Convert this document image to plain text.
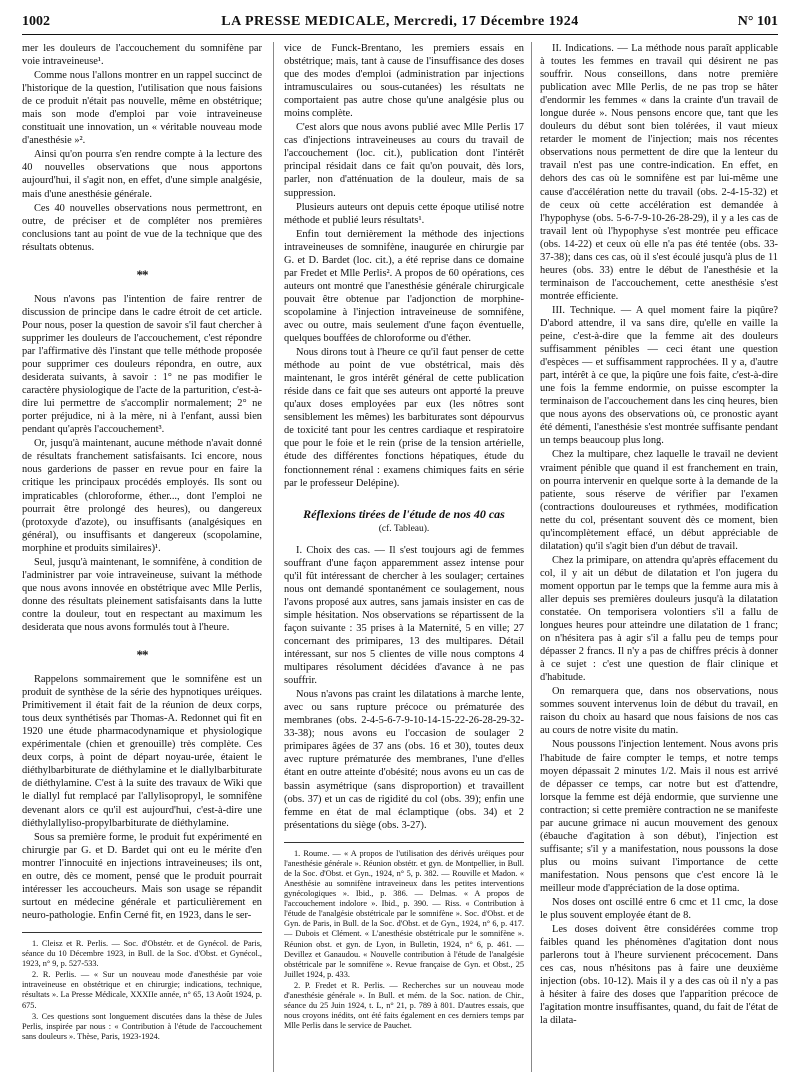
1002	LA PRESSE MEDICALE, Mercredi, 17 Décembre 1924	N° 101

mer les douleurs de l'accouchement du somnifène par voie intraveineuse¹.

Comme nous l'allons montrer en un rappel succinct de l'historique de la question, l'utilisation que nous faisions de ce produit n'était pas nouvelle, même en obstétrique; mais son mode d'emploi par voie intraveineuse constituait une innovation, un « véritable nouveau mode d'anesthésie »².

Ainsi qu'on pourra s'en rendre compte à la lecture des 40 nouvelles observations que nous apportons aujourd'hui, il s'agit non, en effet, d'une simple analgésie, mais d'une anesthésie générale.

Ces 40 nouvelles observations nous permettront, en outre, de préciser et de compléter nos premières conclusions tant au point de vue de la technique que des résultats obtenus.

**

Nous n'avons pas l'intention de faire rentrer de discussion de principe dans le cadre étroit de cet article. Pour nous, poser la question de savoir s'il faut chercher à supprimer les douleurs de l'accouchement, c'est répondre par l'affirmative dès l'instant que telle méthode proposée pour supprimer ces douleurs répondra, en outre, aux desiderata suivants, à savoir : 1° ne pas modifier le caractère physiologique de l'acte de la parturition, c'est-à-dire lui permettre de s'accomplir normalement; 2° ne porter préjudice, ni à la mère, ni à l'enfant, aussi bien pendant qu'après l'accouchement³.

Or, jusqu'à maintenant, aucune méthode n'avait donné de résultats franchement satisfaisants. Ici encore, nous nous garderions de passer en revue pour en faire la critique les principaux procédés employés. Ils sont ou impraticables (chloroforme, éther..., dont l'emploi ne pourrait être prolongé des heures), ou dangereux (protoxyde d'azote), ou insuffisants (analgésiques en général), ou insuffisants et dangereux (scopolamine, morphine et produits similaires)¹.

Seul, jusqu'à maintenant, le somnifène, à condition de l'administrer par voie intraveineuse, suivant la méthode que nous avons innovée en obstétrique avec Mlle Perlis, donne des résultats pleinement satisfaisants dans la lutte contre la douleur, tout en respectant au maximum les desiderata que nous avons formulés tout à l'heure.

**

Rappelons sommairement que le somnifène est un produit de synthèse de la série des hypnotiques uréiques. Primitivement il était fait de la réunion de deux corps, tous deux synthétisés par Thomas-A. Redonnet qui fit en 1920 une étude pharmacodynamique et physiologique expérimentale (chien et grenouille) très complète. Ces deux corps, à point de départ noyau-urée, étaient le diéthylbarbiturate de diéthylamine et le diallylbarbiturate de diéthylamine. C'est à la suite des travaux de Wiki que le diallyl fut remplacé par l'allylisopropyl, le somnifène devenant alors ce qu'il est aujourd'hui, c'est-à-dire une diéthylallyliso-propylbarbiturate de diéthylamine.

Sous sa première forme, le produit fut expérimenté en chirurgie par G. et D. Bardet qui ont eu le mérite d'en montrer l'innocuité en injections intraveineuses; ils ont, en outre, dès ce moment, pensé que le produit pourrait intéresser les accoucheurs. Mais son usage se répandit surtout en médecine générale et particulièrement en neuro-pathologie. Enfin Cerné fit, en 1923, dans le ser-

1. Cleisz et R. Perlis. — Soc. d'Obstétr. et de Gynécol. de Paris, séance du 10 Décembre 1923, in Bull. de la Soc. d'Obst. et Gynécol., 1923, n° 9, p. 527-533.

2. R. Perlis. — « Sur un nouveau mode d'anesthésie par voie intraveineuse en obstétrique et en chirurgie; indications, technique, résultats ». La Presse Médicale, XXXIIe année, n° 65, 13 Août 1924, p. 675.

3. Ces questions sont longuement discutées dans la thèse de Jules Perlis, inspirée par nous : « Contribution à l'étude de l'accouchement sans douleurs ». Thèse, Paris, 1923-1924.

vice de Funck-Brentano, les premiers essais en obstétrique; mais, tant à cause de l'insuffisance des doses que des modes d'emploi (administration par injections intramusculaires ou sous-cutanées) les résultats ne comportaient pas autre chose qu'une analgésie plus ou moins complète.

C'est alors que nous avons publié avec Mlle Perlis 17 cas d'injections intraveineuses au cours du travail de l'accouchement (loc. cit.), publication dont l'intérêt principal résidait dans ce fait qu'on pouvait, dès lors, parler, non d'atténuation de la douleur, mais de sa suppression.

Plusieurs auteurs ont depuis cette époque utilisé notre méthode et publié leurs résultats¹.

Enfin tout dernièrement la méthode des injections intraveineuses de somnifène, inaugurée en chirurgie par G. et D. Bardet (loc. cit.), a été reprise dans ce domaine par Fredet et Mlle Perlis². A propos de 60 opérations, ces auteurs ont montré que l'anesthésie générale chirurgicale pouvait être obtenue par l'adjonction de morphine-scopolamine à l'injection intraveineuse de somnifène, avec ou outre, mais seulement d'une façon éventuelle, quelques bouffées de chloroforme ou d'éther.

Nous dirons tout à l'heure ce qu'il faut penser de cette méthode au point de vue obstétrical, mais dès maintenant, le gros intérêt général de cette publication réside dans ce fait que ses auteurs ont apporté la preuve qu'aux doses employées par eux (les nôtres sont sensiblement les mêmes) les barbiturates sont dépourvus de toxicité tant pour les centres cardiaque et respiratoire que pour le foie et le rein (prise de la tension artérielle, étude des différentes fonctions hépatiques, étude du fonctionnement rénal : examens chimiques faits en série par le professeur Delépine).

Réflexions tirées de l'étude de nos 40 cas
(cf. Tableau).

I. Choix des cas. — Il s'est toujours agi de femmes souffrant d'une façon apparemment assez intense pour qu'il fût intéressant de chercher à les soulager; certaines nous ont demandé spontanément ce soulagement, nous l'avons proposé aux autres, sans jamais insister en cas de simple hésitation. Nos observations se répartissent de la façon suivante : 35 prises à la Maternité, 5 en ville; 27 concernant des primipares, 13 des multipares. Détail intéressant, sur nos 5 clientes de ville nous comptons 4 multipares résolument décidées d'avance à ne pas souffrir.

Nous n'avons pas craint les dilatations à marche lente, avec ou sans rupture précoce ou prématurée des membranes (obs. 2-4-5-6-7-9-10-14-15-22-26-28-29-32-33-38); nous avons eu l'occasion de soulager 2 primipares âgées de 37 ans (obs. 16 et 30), toutes deux avec rupture prématurée des membranes, l'une d'elles étant en outre atteinte d'obésité; nous avons eu un cas de bassin asymétrique (sans disproportion) et travaillent (obs. 37) et un cas de rigidité du col (obs. 39); enfin une femme en état de mal éclamptique (obs. 34) et 2 présentations du siège (obs. 3-27).

1. Roume. — « A propos de l'utilisation des dérivés uréiques pour l'anesthésie générale ». Réunion obstétr. et gyn. de Montpellier, in Bull. de la Soc. d'Obst. et Gyn., 1924, n° 5, p. 382. — Rouville et Madon. « Anesthésie au somnifène intraveineux dans les petites interventions gynécologiques ». Ibid., p. 386. — Delmas. « A propos de l'accouchement indolore ». Ibid., p. 390. — Riss. « Contribution à l'étude de l'analgésie obstétricale par le somnifène ». Soc. d'Obst. et de Gyn. de Paris, in Bull. de la Soc. d'Obst. et de Gyn., 1924, n° 6, p. 417. — Dubois et Clément. « L'anesthésie obstétricale pur le somnifène ». Réunion obst. et gyn. de Lyon, in Bulletin, 1924, n° 6, p. 461. — Devillez et Ganaudou. « Nouvelle contribution à l'étude de l'analgésie obstétricale par le somnifène ». Revue française de Gyn. et Obst., 25 Juillet 1924, p. 433.

2. P. Fredet et R. Perlis. — Recherches sur un nouveau mode d'anesthésie générale ». In Bull. et mém. de la Soc. nation. de Chir., séance du 25 Juin 1924, t. L, n° 21, p. 789 à 801. D'autres essais, que nous croyons inédits, ont été faits également en ces derniers temps par Mlle Perlis dans le service de Pauchet.

II. Indications. — La méthode nous paraît applicable à toutes les femmes en travail qui désirent ne pas souffrir. Nous conseillons, dans notre première publication avec Mlle Perlis, de ne pas trop se hâter d'endormir les femmes « dans la crainte d'un travail de longue durée ». Nous pensons encore que, tant que les douleurs du début sont bien tolérées, il vaut mieux retarder le moment de l'injection; mais nos récentes observations nous permettent de dire que la lenteur du travail n'est pas une contre-indication. En effet, en dehors des cas où le somnifène est par lui-même une cause d'accélération nette du travail (obs. 2-4-15-32) et de ceux où cette accélération est demandée à l'hypophyse (obs. 5-6-7-9-10-26-28-29), il y a les cas de travail lent où l'hypophyse s'est montrée peu efficace (obs. 14-22) et ceux où elle n'a pas été tentée (obs. 33-37-38); dans ces cas, où il s'est écoulé jusqu'à plus de 11 heures (obs. 33) entre le début de l'anesthésie et la terminaison de l'accouchement, cette anesthésie s'est montrée efficiente.

III. Technique. — A quel moment faire la piqûre? D'abord attendre, il va sans dire, qu'elle en vaille la peine, c'est-à-dire que la femme ait des douleurs suffisamment pénibles — ceci étant une question d'espèces — et suffisamment rapprochées. Il y a, d'autre part, intérêt à ce que, la piqûre une fois faite, c'est-à-dire une fois la femme endormie, on puisse escompter la terminaison de l'accouchement dans les cinq heures, bien que nous ayons des observations où, ce pronostic ayant été démenti, l'anesthésie s'est montrée suffisante pendant un temps beaucoup plus long.

Chez la multipare, chez laquelle le travail ne devient vraiment pénible que quand il est franchement en train, on pourra intervenir en quelque sorte à la demande de la patiente, sous réserve de vérifier par l'examen (contractions douloureuses et rythmées, modification nette du col, présentant souvent dès ce moment, bien qu'incomplètement effacé, un début appréciable de dilatation) qu'il s'agit bien d'un début de travail.

Chez la primipare, on attendra qu'après effacement du col, il y ait un début de dilatation et l'on jugera du moment opportun par le temps que la femme aura mis à aller depuis ses premières douleurs jusqu'à la dilatation constatée. On temporisera volontiers s'il a fallu de longues heures pour atteindre une dilatation de 1 franc; on n'hésitera pas à agir s'il a fallu peu de temps pour dépasser 2 francs. Il n'y a pas de chiffres précis à donner à ce sujet : c'est une question de flair clinique et d'habitude.

On remarquera que, dans nos observations, nous sommes souvent intervenus loin de début du travail, en raison du choix au hasard que nous faisions de nos cas au cours de notre visite du matin.

Nous poussons l'injection lentement. Nous avons pris l'habitude de faire compter le temps, et notre temps moyen dépassait 2 minutes 1/2. Mais il nous est arrivé de dépasser ce temps, car notre but est d'attendre, lorsque la femme est déjà endormie, que survienne une contraction; si cette première contraction ne se manifeste par aucune grimace ni aucun mouvement des genoux (ébauche d'agitation à son début), l'injection est suffisante; s'il y a manifestation, nous poussons la dose plus ou moins suivant l'importance de cette manifestation. Nous pensons que c'est encore là le meilleur mode d'appréciation de la dose optima.

Nos doses ont oscillé entre 6 cmc et 11 cmc, la dose le plus souvent employée étant de 8.

Les doses doivent être considérées comme trop faibles quand les phénomènes d'agitation dont nous parlerons tout à l'heure survienent précocement. Dans ces cas, nous n'hésitons pas à faire une deuxième injection (obs. 10-12). Mais il y a des cas où il n'y a pas à hésiter à faire des doses que l'apparition précoce de l'agitation montre insuffisantes, quand, du fait de l'état de la dilata-
